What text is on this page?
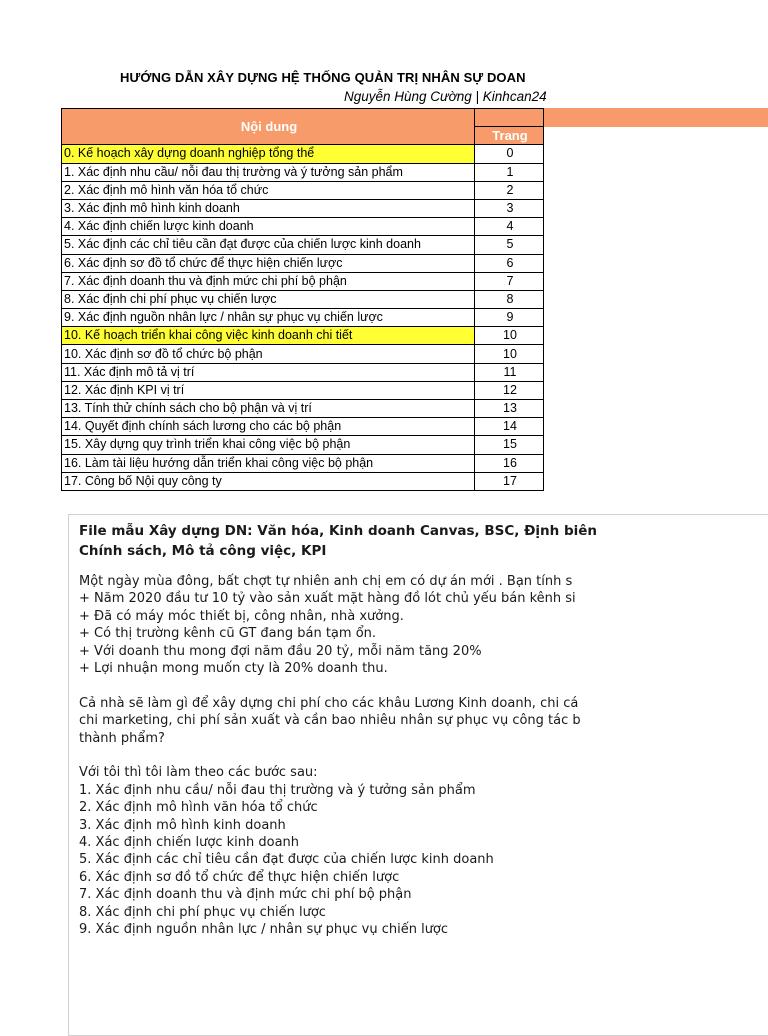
HƯỚNG DẪN XÂY DỰNG HỆ THỐNG QUẢN TRỊ NHÂN SỰ DOAN
Nguyễn Hùng Cường | Kinhcan24
Nội dung	
	Trang
0. Kế hoạch xây dựng doanh nghiệp tổng thể	0
1. Xác định nhu cầu/ nỗi đau thị trường và ý tưởng sản phẩm	1
2. Xác định mô hình văn hóa tổ chức	2
3. Xác định mô hình kinh doanh	3
4. Xác định chiến lược kinh doanh	4
5. Xác định các chỉ tiêu cần đạt được của chiến lược kinh doanh	5
6. Xác định sơ đồ tổ chức để thực hiện chiến lược	6
7. Xác định doanh thu và định mức chi phí bộ phận	7
8. Xác định chi phí phục vụ chiến lược	8
9. Xác định nguồn nhân lực / nhân sự phục vụ chiến lược	9
10. Kế hoạch triển khai công việc kinh doanh chi tiết	10
10. Xác định sơ đồ tổ chức bộ phận	10
11. Xác định mô tả vị trí	11
12. Xác định KPI vị trí	12
13. Tính thử chính sách cho bộ phận và vị trí	13
14. Quyết định chính sách lương cho các bộ phận	14
15. Xây dựng quy trình triển khai công việc bộ phận	15
16. Làm tài liệu hướng dẫn triển khai công việc bộ phận	16
17. Công bố Nội quy công ty	17
File mẫu Xây dựng DN: Văn hóa, Kinh doanh Canvas, BSC, Định biên
Chính sách, Mô tả công việc, KPI
Một ngày mùa đông, bất chợt tự nhiên anh chị em có dự án mới . Bạn tính s
+ Năm 2020 đầu tư 10 tỷ vào sản xuất mặt hàng đồ lót chủ yếu bán kênh si
+ Đã có máy móc thiết bị, công nhân, nhà xưởng.
+ Có thị trường kênh cũ GT đang bán tạm ổn.
+ Với doanh thu mong đợi năm đầu 20 tỷ, mỗi năm tăng 20%
+ Lợi nhuận mong muốn cty là 20% doanh thu.
Cả nhà sẽ làm gì để xây dựng chi phí cho các khâu Lương Kinh doanh, chi cá
chi marketing, chi phí sản xuất và cần bao nhiêu nhân sự phục vụ công tác b
thành phẩm?
Với tôi thì tôi làm theo các bước sau:
1. Xác định nhu cầu/ nỗi đau thị trường và ý tưởng sản phẩm
2. Xác định mô hình văn hóa tổ chức
3. Xác định mô hình kinh doanh
4. Xác định chiến lược kinh doanh
5. Xác định các chỉ tiêu cần đạt được của chiến lược kinh doanh
6. Xác định sơ đồ tổ chức để thực hiện chiến lược
7. Xác định doanh thu và định mức chi phí bộ phận
8. Xác định chi phí phục vụ chiến lược
9. Xác định nguồn nhân lực / nhân sự phục vụ chiến lược
